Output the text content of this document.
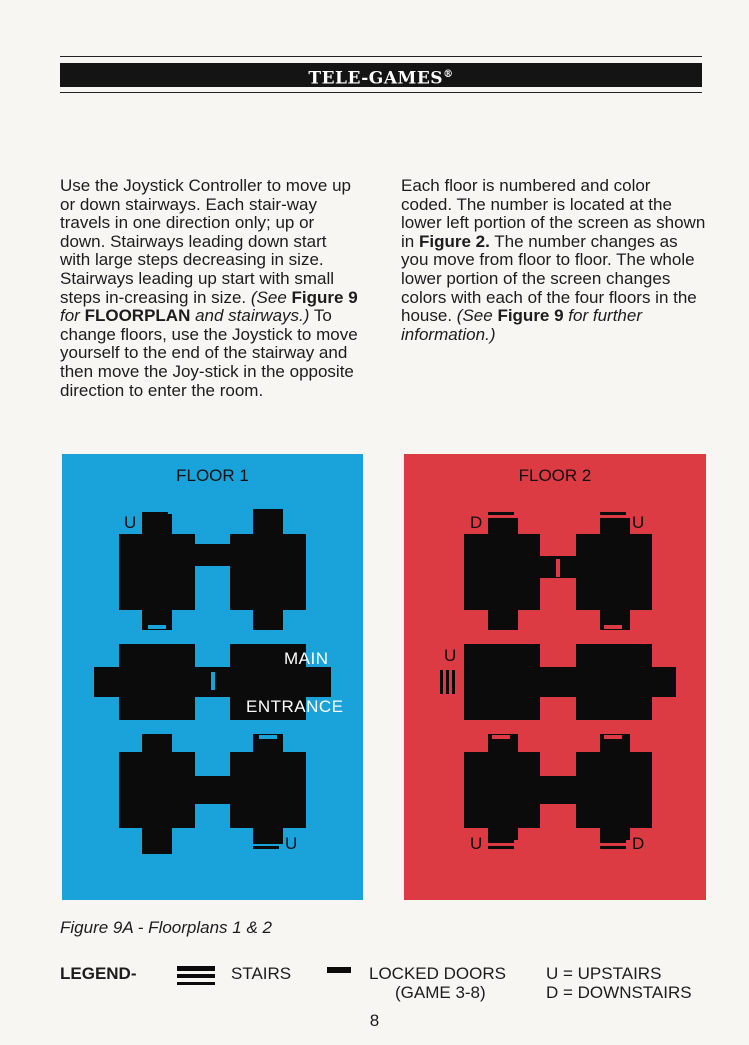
TELE-GAMES®

Use the Joystick Controller to move up or down stairways. Each stair-way travels in one direction only; up or down. Stairways leading down start with large steps decreasing in size. Stairways leading up start with small steps in-creasing in size. (See Figure 9 for FLOORPLAN and stairways.) To change floors, use the Joystick to move yourself to the end of the stairway and then move the Joy-stick in the opposite direction to enter the room.

Each floor is numbered and color coded. The number is located at the lower left portion of the screen as shown in Figure 2. The number changes as you move from floor to floor. The whole lower portion of the screen changes colors with each of the four floors in the house. (See Figure 9 for further information.)

FLOOR 1
U
U
MAIN
ENTRANCE
FLOOR 2
D	U
U
U	D
Figure 9A - Floorplans 1 & 2
LEGEND-	STAIRS	LOCKED DOORS
(GAME 3-8)
U = UPSTAIRS
D = DOWNSTAIRS
8
